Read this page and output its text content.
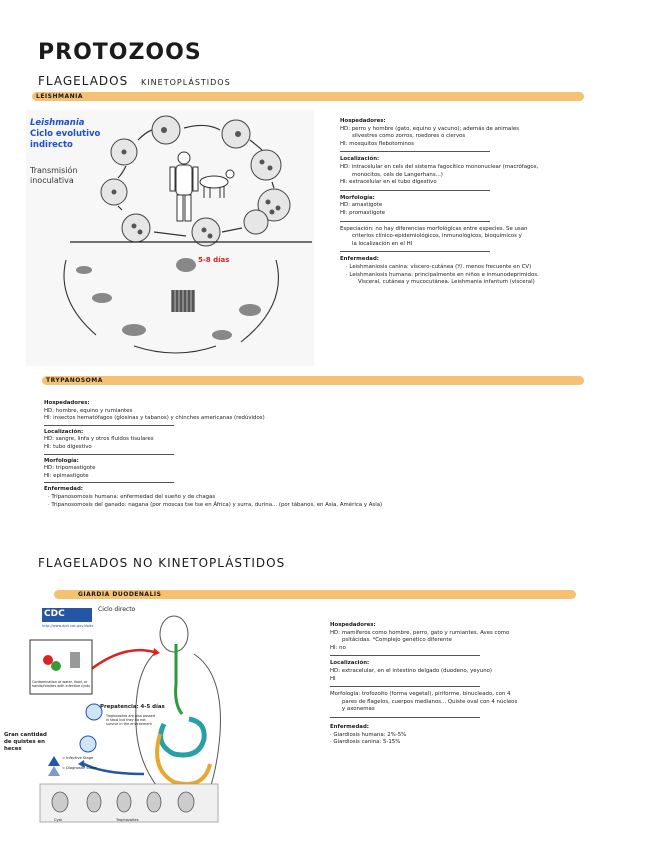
PROTOZOOS
FLAGELADOS KINETOPLÁSTIDOS
LEISHMANIA
Leishmania
Ciclo evolutivo
indirecto
Transmisión
inoculativa
5-8 días
Hospedadores:
HD: perro y hombre (gato, equino y vacuno); además de animales
silvestres como zorros, roedores o ciervos
HI: mosquitos flebotominos
Localización:
HD: intracelular en cels del sistema fagocítico mononuclear (macrófagos,
monocitos, cels de Langerhans...)
HI: extracelular en el tubo digestivo
Morfología:
HD: amastigote
HI: promastigote
Especiación: no hay diferencias morfológicas entre especies. Se usan
criterios clínico-epidemiológicos, inmunológicos, bioquímicos y
la localización en el HI
Enfermedad:
· Leishmaniosis canina: víscero-cutánea (Y/. menos frecuente en CV)
· Leishmaniosis humana: principalmente en niños e inmunodeprimidos.
Visceral, cutánea y mucocutánea. Leishmania infantum (visceral)
TRYPANOSOMA
Hospedadores:
HD: hombre, equino y rumiantes
HI: insectos hematófagos (glosinas y tabanos) y chinches americanas (redúvidos)
Localización:
HD: sangre, linfa y otros fluidos tisulares
HI: tubo digestivo
Morfología:
HD: tripomastigote
HI: epimastigote
Enfermedad:
· Tripanosomosis humana: enfermedad del sueño y de chagas
· Tripanosomosis del ganado: nagana (por moscas tse tse en África) y surra, durina... (por tábanos, en Asia, América y Asia)
FLAGELADOS NO KINETOPLÁSTIDOS
GIARDIA DUODENALIS
CDC
http://www.dpd.cdc.gov/dpdx
Ciclo directo
Contamination of water, food, or hands/fomites with infective cysts
Prepatencia: 4-5 días
Trophozoites are also passed in stool but they do not survive in the environment
= Infective Stage
= Diagnostic Stage
Cyst	Trophozoites
Gran cantidad
de quistes en
heces
Hospedadores:
HD: mamíferos como hombre, perro, gato y rumiantes. Aves como
psitácidas. *Complejo genético diferente
HI: no
Localización:
HD: extracelular, en el intestino delgado (duodeno, yeyuno)
HI
Morfología: trofozoito (forma vegetal), piriforme, binucleado, con 4
pares de flagelos, cuerpos medianos... Quiste oval con 4 núcleos
y axonemas
Enfermedad:
· Giardiosis humana: 2%-5%
· Giardiosis canina: 5-15%
